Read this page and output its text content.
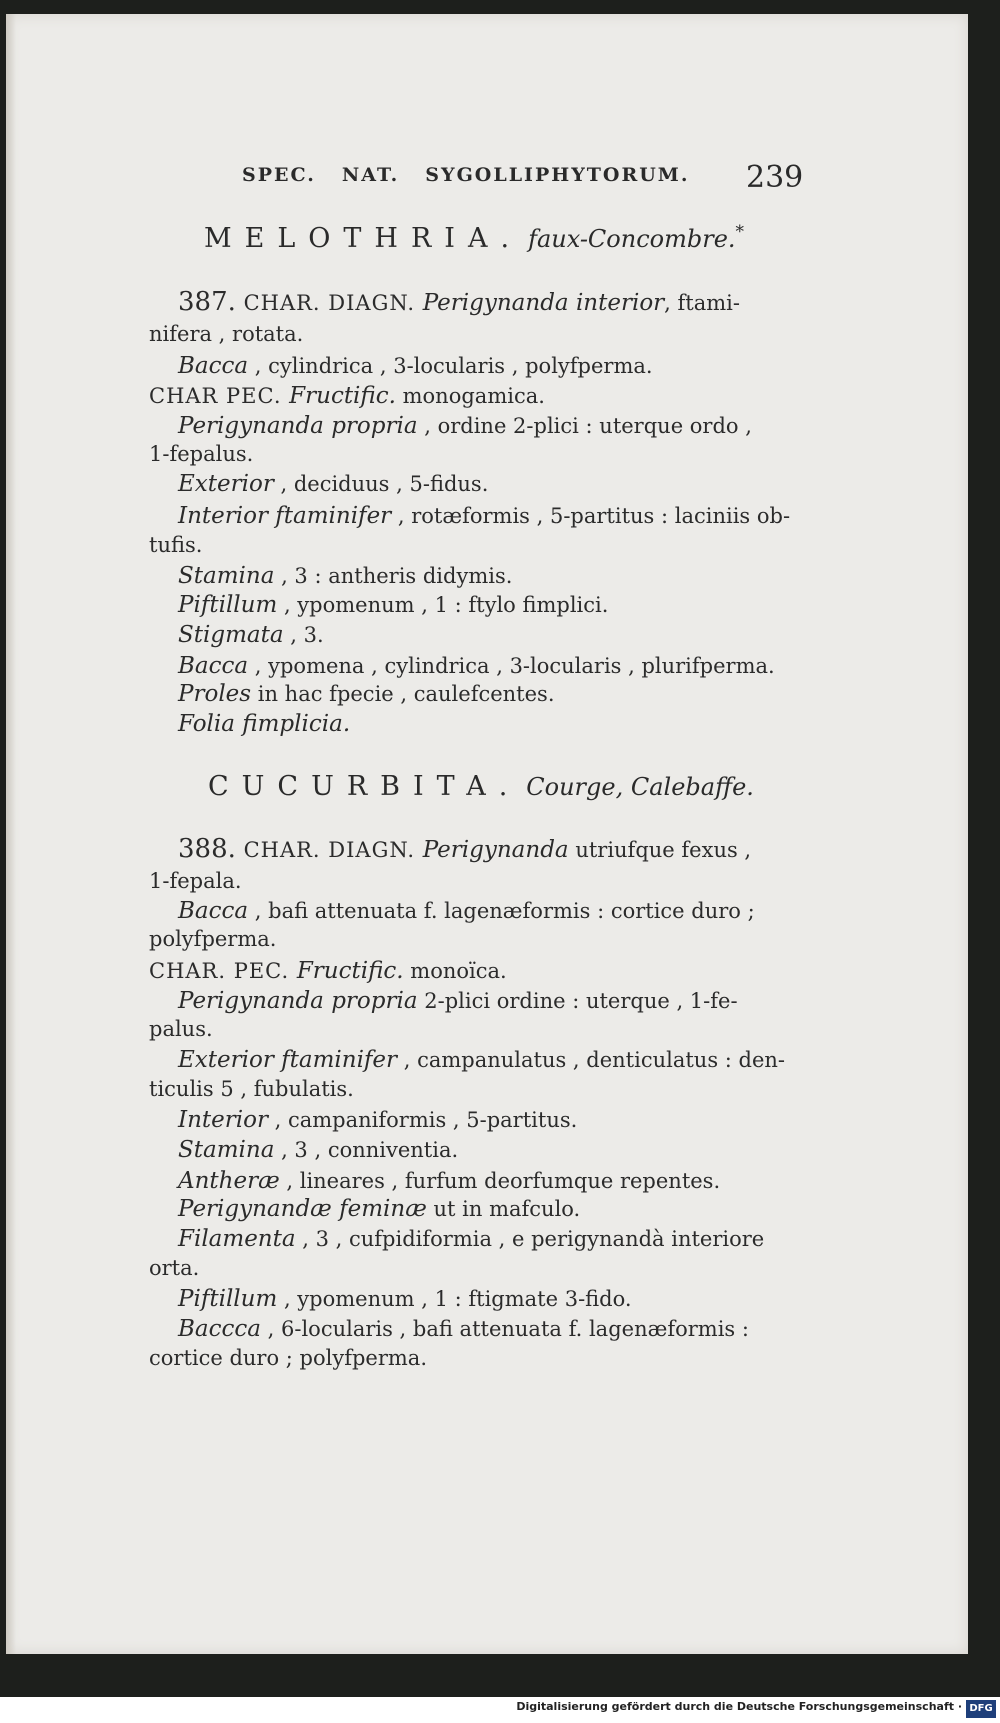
SPEC. NAT. SYGOLLIPHYTORUM.	239
MELOTHRIA. faux-Concombre.*
387. CHAR. DIAGN. Perigynanda interior, ftami-
nifera , rotata.
Bacca , cylindrica , 3-locularis , polyfperma.
CHAR PEC. Fructific. monogamica.
Perigynanda propria , ordine 2-plici : uterque ordo ,
1-fepalus.
Exterior , deciduus , 5-fidus.
Interior ftaminifer , rotæformis , 5-partitus : laciniis ob-
tufis.
Stamina , 3 : antheris didymis.
Piftillum , ypomenum , 1 : ftylo fimplici.
Stigmata , 3.
Bacca , ypomena , cylindrica , 3-locularis , plurifperma.
Proles in hac fpecie , caulefcentes.
Folia fimplicia.
CUCURBITA. Courge, Calebaffe.
388. CHAR. DIAGN. Perigynanda utriufque fexus ,
1-fepala.
Bacca , bafi attenuata f. lagenæformis : cortice duro ;
polyfperma.
CHAR. PEC. Fructific. monoïca.
Perigynanda propria 2-plici ordine : uterque , 1-fe-
palus.
Exterior ftaminifer , campanulatus , denticulatus : den-
ticulis 5 , fubulatis.
Interior , campaniformis , 5-partitus.
Stamina , 3 , conniventia.
Antheræ , lineares , furfum deorfumque repentes.
Perigynandæ feminæ ut in mafculo.
Filamenta , 3 , cufpidiformia , e perigynandà interiore
orta.
Piftillum , ypomenum , 1 : ftigmate 3-fido.
Baccca , 6-locularis , bafi attenuata f. lagenæformis :
cortice duro ; polyfperma.
Digitalisierung gefördert durch die Deutsche Forschungsgemeinschaft · DFG
